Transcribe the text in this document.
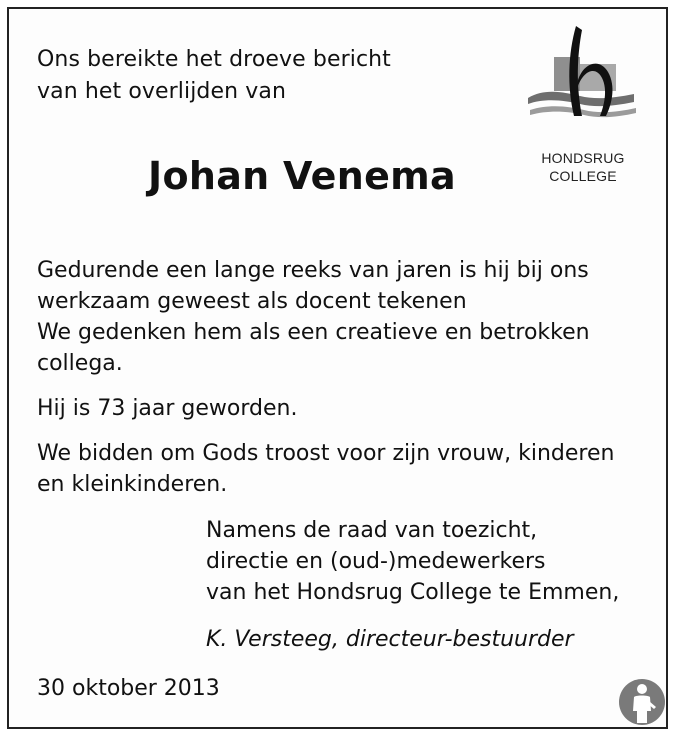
Ons bereikte het droeve bericht
van het overlijden van
Johan Venema	HONDSRUG
COLLEGE
Gedurende een lange reeks van jaren is hij bij ons
werkzaam geweest als docent tekenen
We gedenken hem als een creatieve en betrokken
collega.
Hij is 73 jaar geworden.
We bidden om Gods troost voor zijn vrouw, kinderen
en kleinkinderen.
Namens de raad van toezicht,
directie en (oud-)medewerkers
van het Hondsrug College te Emmen,
K. Versteeg, directeur-bestuurder
30 oktober 2013
